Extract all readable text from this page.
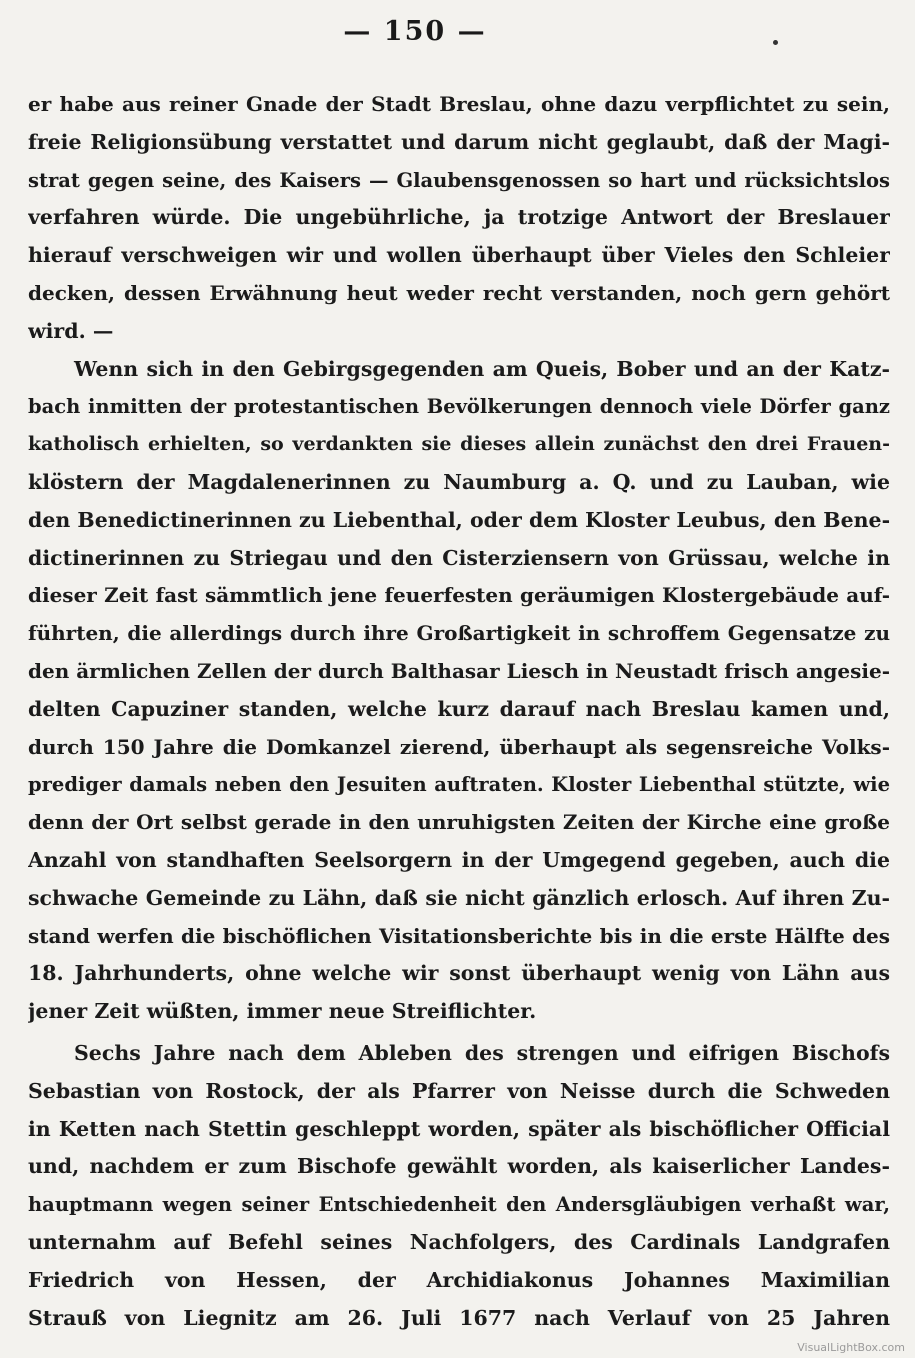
— 150 —
er habe aus reiner Gnade der Stadt Breslau, ohne dazu verpflichtet zu sein,
freie Religionsübung verstattet und darum nicht geglaubt, daß der Magi-
strat gegen seine, des Kaisers — Glaubensgenossen so hart und rücksichtslos
verfahren würde. Die ungebührliche, ja trotzige Antwort der Breslauer
hierauf verschweigen wir und wollen überhaupt über Vieles den Schleier
decken, dessen Erwähnung heut weder recht verstanden, noch gern gehört
wird. —
Wenn sich in den Gebirgsgegenden am Queis, Bober und an der Katz-
bach inmitten der protestantischen Bevölkerungen dennoch viele Dörfer ganz
katholisch erhielten, so verdankten sie dieses allein zunächst den drei Frauen-
klöstern der Magdalenerinnen zu Naumburg a. Q. und zu Lauban, wie
den Benedictinerinnen zu Liebenthal, oder dem Kloster Leubus, den Bene-
dictinerinnen zu Striegau und den Cisterziensern von Grüssau, welche in
dieser Zeit fast sämmtlich jene feuerfesten geräumigen Klostergebäude auf-
führten, die allerdings durch ihre Großartigkeit in schroffem Gegensatze zu
den ärmlichen Zellen der durch Balthasar Liesch in Neustadt frisch angesie-
delten Capuziner standen, welche kurz darauf nach Breslau kamen und,
durch 150 Jahre die Domkanzel zierend, überhaupt als segensreiche Volks-
prediger damals neben den Jesuiten auftraten. Kloster Liebenthal stützte, wie
denn der Ort selbst gerade in den unruhigsten Zeiten der Kirche eine große
Anzahl von standhaften Seelsorgern in der Umgegend gegeben, auch die
schwache Gemeinde zu Lähn, daß sie nicht gänzlich erlosch. Auf ihren Zu-
stand werfen die bischöflichen Visitationsberichte bis in die erste Hälfte des
18. Jahrhunderts, ohne welche wir sonst überhaupt wenig von Lähn aus
jener Zeit wüßten, immer neue Streiflichter.
Sechs Jahre nach dem Ableben des strengen und eifrigen Bischofs
Sebastian von Rostock, der als Pfarrer von Neisse durch die Schweden
in Ketten nach Stettin geschleppt worden, später als bischöflicher Official
und, nachdem er zum Bischofe gewählt worden, als kaiserlicher Landes-
hauptmann wegen seiner Entschiedenheit den Andersgläubigen verhaßt war,
unternahm auf Befehl seines Nachfolgers, des Cardinals Landgrafen
Friedrich von Hessen, der Archidiakonus Johannes Maximilian
Strauß von Liegnitz am 26. Juli 1677 nach Verlauf von 25 Jahren
VisualLightBox.com
